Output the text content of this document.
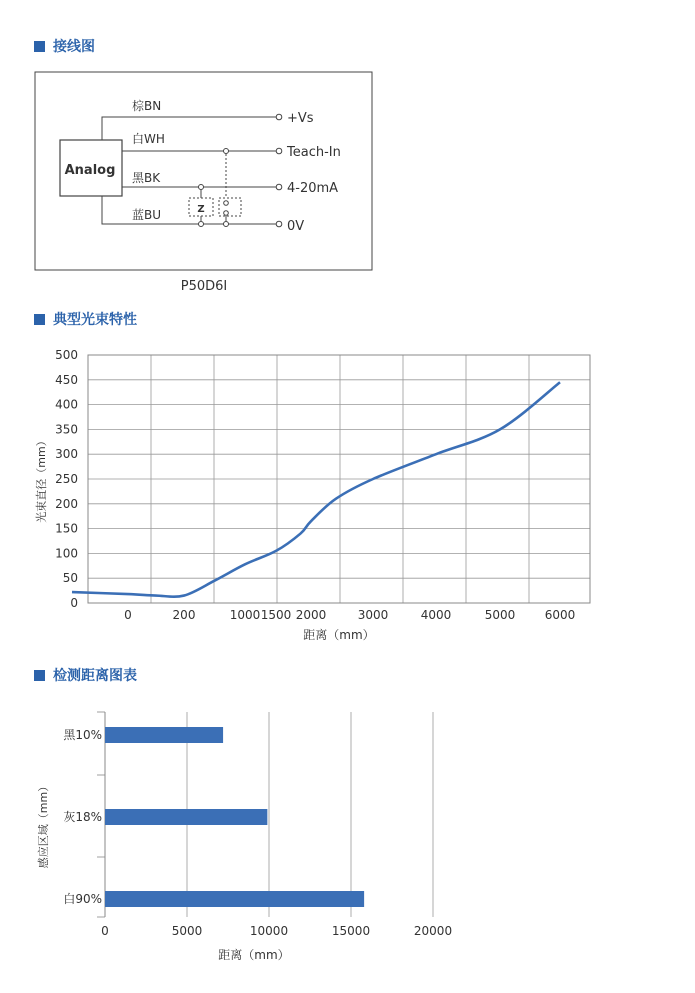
接线图
Analog
棕BN
+Vs
白WH
Teach-In
黑BK
4-20mA
蓝BU
0V
Z
P50D6I
典型光束特性
0
50
100
150
200
250
300
350
400
450
500
0	200	1000 1500 2000	3000	4000	5000 6000
距离（mm）
光束直径（mm）
检测距离图表
0	5000	10000	15000	20000
黑10%
灰18%
白90%
距离（mm）
感应区域（mm）
